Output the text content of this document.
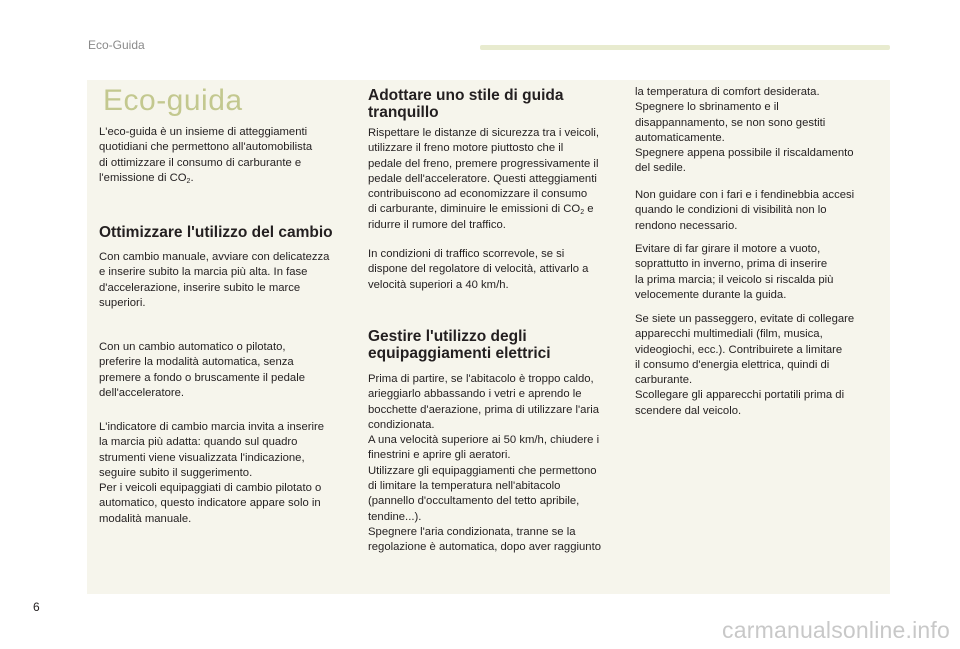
Eco-Guida
Eco-guida

L'eco-guida è un insieme di atteggiamenti
quotidiani che permettono all'automobilista
di ottimizzare il consumo di carburante e
l'emissione di $CO_2$.

Ottimizzare l'utilizzo del cambio

Con cambio manuale, avviare con delicatezza
e inserire subito la marcia più alta. In fase
d'accelerazione, inserire subito le marce
superiori.

Con un cambio automatico o pilotato,
preferire la modalità automatica, senza
premere a fondo o bruscamente il pedale
dell'acceleratore.

L'indicatore di cambio marcia invita a inserire
la marcia più adatta: quando sul quadro
strumenti viene visualizzata l'indicazione,
seguire subito il suggerimento.
Per i veicoli equipaggiati di cambio pilotato o
automatico, questo indicatore appare solo in
modalità manuale.

Adottare uno stile di guida
tranquillo

Rispettare le distanze di sicurezza tra i veicoli,
utilizzare il freno motore piuttosto che il
pedale del freno, premere progressivamente il
pedale dell'acceleratore. Questi atteggiamenti
contribuiscono ad economizzare il consumo
di carburante, diminuire le emissioni di $CO_2$ e
ridurre il rumore del traffico.

In condizioni di traffico scorrevole, se si
dispone del regolatore di velocità, attivarlo a
velocità superiori a 40 km/h.

Gestire l'utilizzo degli
equipaggiamenti elettrici

Prima di partire, se l'abitacolo è troppo caldo,
arieggiarlo abbassando i vetri e aprendo le
bocchette d'aerazione, prima di utilizzare l'aria
condizionata.
A una velocità superiore ai 50 km/h, chiudere i
finestrini e aprire gli aeratori.
Utilizzare gli equipaggiamenti che permettono
di limitare la temperatura nell'abitacolo
(pannello d'occultamento del tetto apribile,
tendine...).
Spegnere l'aria condizionata, tranne se la
regolazione è automatica, dopo aver raggiunto

la temperatura di comfort desiderata.
Spegnere lo sbrinamento e il
disappannamento, se non sono gestiti
automaticamente.
Spegnere appena possibile il riscaldamento
del sedile.

Non guidare con i fari e i fendinebbia accesi
quando le condizioni di visibilità non lo
rendono necessario.

Evitare di far girare il motore a vuoto,
soprattutto in inverno, prima di inserire
la prima marcia; il veicolo si riscalda più
velocemente durante la guida.

Se siete un passeggero, evitate di collegare
apparecchi multimediali (film, musica,
videogiochi, ecc.). Contribuirete a limitare
il consumo d'energia elettrica, quindi di
carburante.
Scollegare gli apparecchi portatili prima di
scendere dal veicolo.

6
carmanualsonline.info
